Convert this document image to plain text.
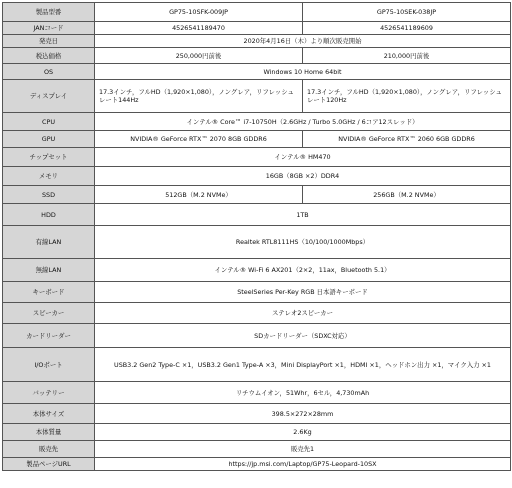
製品型番	GP75-10SFK-009JP	GP75-10SEK-038JP
JANコード	4526541189470	4526541189609
発売日	2020年4月16日（木）より順次販売開始	
税込価格	250,000円前後	210,000円前後
OS	Windows 10 Home 64bit	
ディスプレイ	17.3インチ，フルHD（1,920×1,080），ノングレア，リフレッシュレート144Hz	17.3インチ，フルHD（1,920×1,080），ノングレア，リフレッシュレート120Hz
CPU	インテル® Core™ i7-10750H（2.6GHz / Turbo 5.0GHz / 6コア12スレッド）	
GPU	NVIDIA® GeForce RTX™ 2070 8GB GDDR6	NVIDIA® GeForce RTX™ 2060 6GB GDDR6
チップセット	インテル® HM470	
メモリ	16GB（8GB ×2）DDR4	
SSD	512GB（M.2 NVMe）	256GB（M.2 NVMe）
HDD	1TB	
有線LAN	Realtek RTL8111HS（10/100/1000Mbps）	
無線LAN	インテル® Wi-Fi 6 AX201（2×2，11ax，Bluetooth 5.1）	
キーボード	SteelSeries Per-Key RGB 日本語キーボード	
スピーカー	ステレオ2スピーカー	
カードリーダー	SDカードリーダー（SDXC対応）	
I/Oポート	USB3.2 Gen2 Type-C ×1，USB3.2 Gen1 Type-A ×3，Mini DisplayPort ×1，HDMI ×1，ヘッドホン出力 ×1，マイク入力 ×1	
バッテリー	リチウムイオン，51Whr，6セル，4,730mAh	
本体サイズ	398.5×272×28mm	
本体質量	2.6Kg	
販売先	販売先1	
製品ページURL	https://jp.msi.com/Laptop/GP75-Leopard-10SX	
